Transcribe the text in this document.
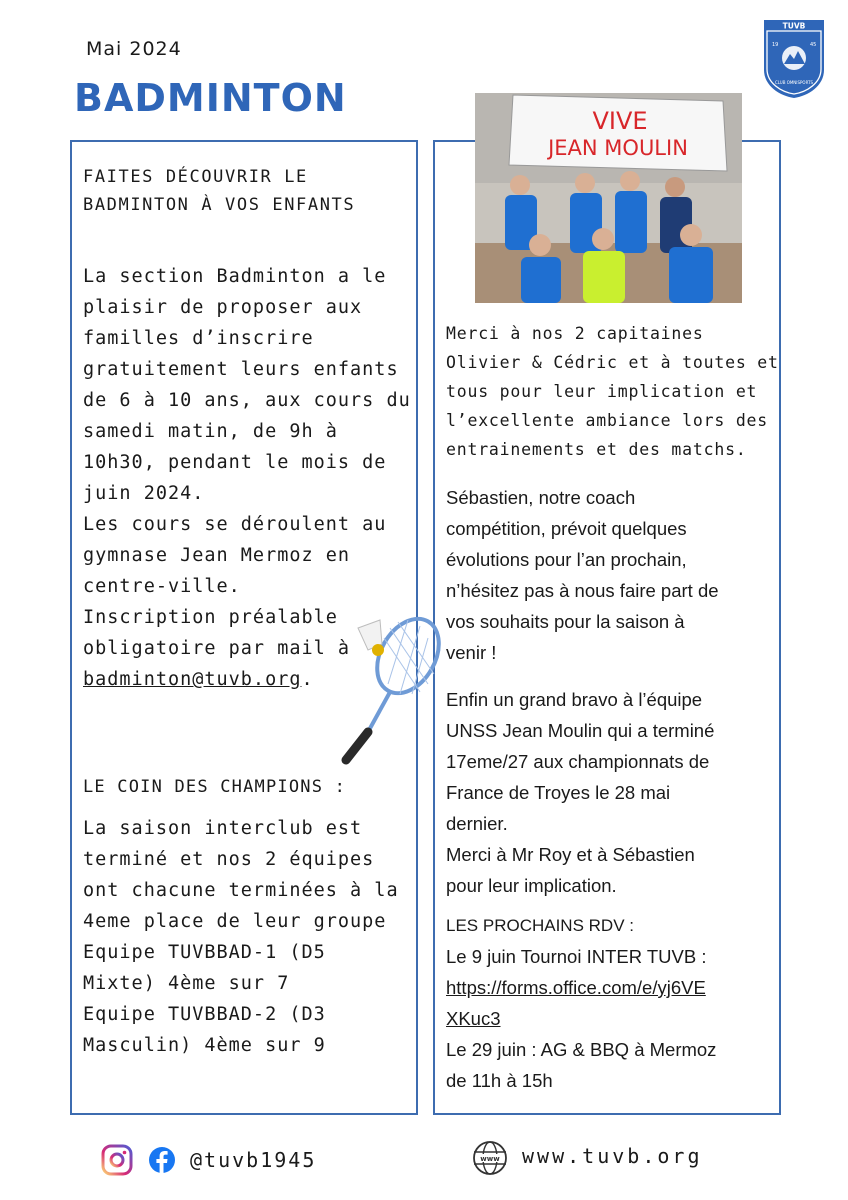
Mai 2024
BADMINTON
TUVB
19	45
CLUB OMNISPORTS
FAITES DÉCOUVRIR LE
BADMINTON À VOS ENFANTS
La section Badminton a le
plaisir de proposer aux
familles d’inscrire
gratuitement leurs enfants
de 6 à 10 ans, aux cours du
samedi matin, de 9h à
10h30, pendant le mois de
juin 2024.
Les cours se déroulent au
gymnase Jean Mermoz en
centre-ville.
Inscription préalable
obligatoire par mail à
badminton@tuvb.org.
LE COIN DES CHAMPIONS :
La saison interclub est
terminé et nos 2 équipes
ont chacune terminées à la
4eme place de leur groupe
Equipe TUVBBAD-1 (D5
Mixte) 4ème sur 7
Equipe TUVBBAD-2 (D3
Masculin) 4ème sur 9
VIVE
JEAN MOULIN
Merci à nos 2 capitaines
Olivier & Cédric et à toutes et
tous pour leur implication et
l’excellente ambiance lors des
entrainements et des matchs.
Sébastien, notre coach
compétition, prévoit quelques
évolutions pour l’an prochain,
n’hésitez pas à nous faire part de
vos souhaits pour la saison à
venir !
Enfin un grand bravo à l’équipe
UNSS Jean Moulin qui a terminé
17eme/27 aux championnats de
France de Troyes le 28 mai
dernier.
Merci à Mr Roy et à Sébastien
pour leur implication.
LES PROCHAINS RDV :
Le 9 juin Tournoi INTER TUVB :
https://forms.office.com/e/yj6VE
XKuc3
Le 29 juin : AG & BBQ à Mermoz
de 11h à 15h
@tuvb1945	www www.tuvb.org
